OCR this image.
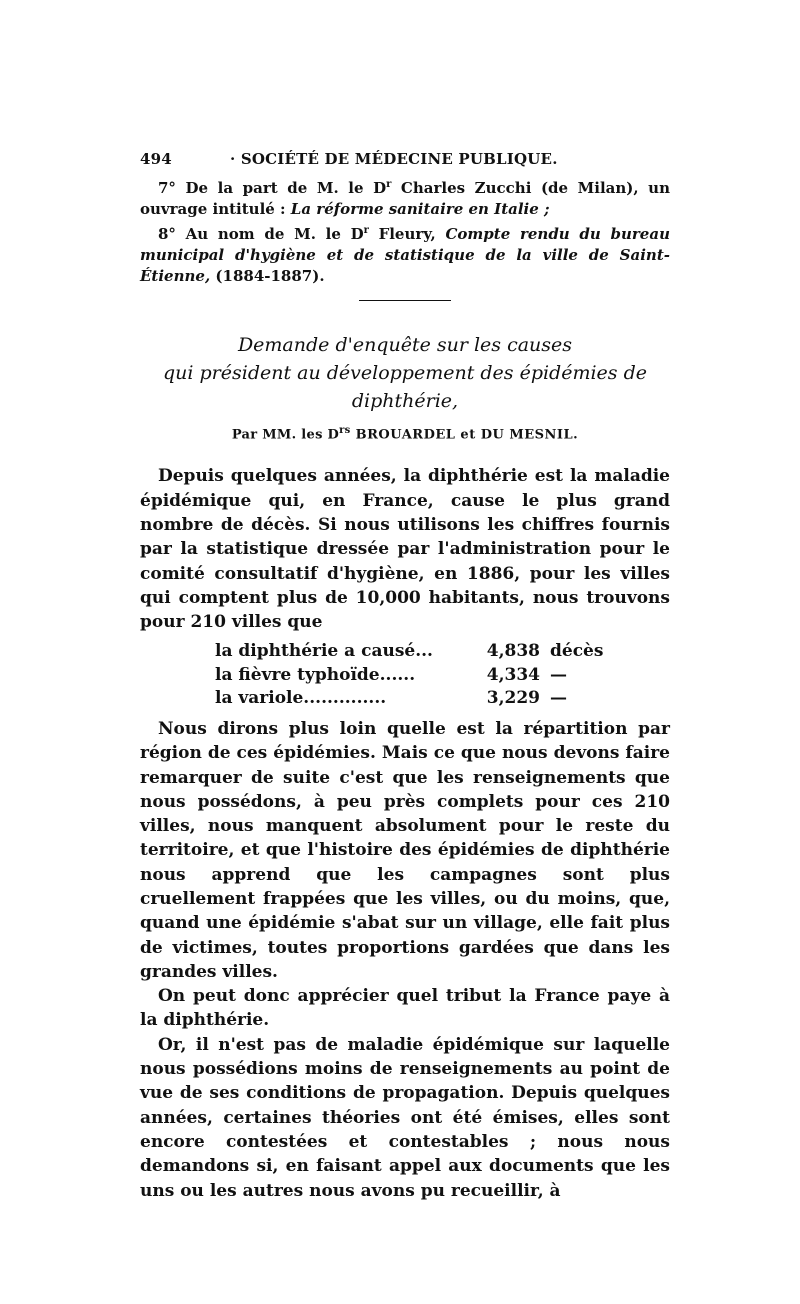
494	· SOCIÉTÉ DE MÉDECINE PUBLIQUE.

7° De la part de M. le $D^r$ Charles Zucchi (de Milan), un ouvrage intitulé : La réforme sanitaire en Italie ;

8° Au nom de M. le $D^r$ Fleury, Compte rendu du bureau municipal d'hygiène et de statistique de la ville de Saint-Étienne, (1884-1887).

Demande d'enquête sur les causes
qui président au développement des épidémies de diphthérie,
Par MM. les $D^{rs}$ BROUARDEL et DU MESNIL.

Depuis quelques années, la diphthérie est la maladie épidémique qui, en France, cause le plus grand nombre de décès. Si nous utilisons les chiffres fournis par la statistique dressée par l'administration pour le comité consultatif d'hygiène, en 1886, pour les villes qui comptent plus de 10,000 habitants, nous trouvons pour 210 villes que

la diphthérie a causé...	4,838	décès
la fièvre typhoïde......	4,334	—
la variole..............	3,229	—

Nous dirons plus loin quelle est la répartition par région de ces épidémies. Mais ce que nous devons faire remarquer de suite c'est que les renseignements que nous possédons, à peu près complets pour ces 210 villes, nous manquent absolument pour le reste du territoire, et que l'histoire des épidémies de diphthérie nous apprend que les campagnes sont plus cruellement frappées que les villes, ou du moins, que, quand une épidémie s'abat sur un village, elle fait plus de victimes, toutes proportions gardées que dans les grandes villes.

On peut donc apprécier quel tribut la France paye à la diphthérie.

Or, il n'est pas de maladie épidémique sur laquelle nous possédions moins de renseignements au point de vue de ses conditions de propagation. Depuis quelques années, certaines théories ont été émises, elles sont encore contestées et contestables ; nous nous demandons si, en faisant appel aux documents que les uns ou les autres nous avons pu recueillir, à
